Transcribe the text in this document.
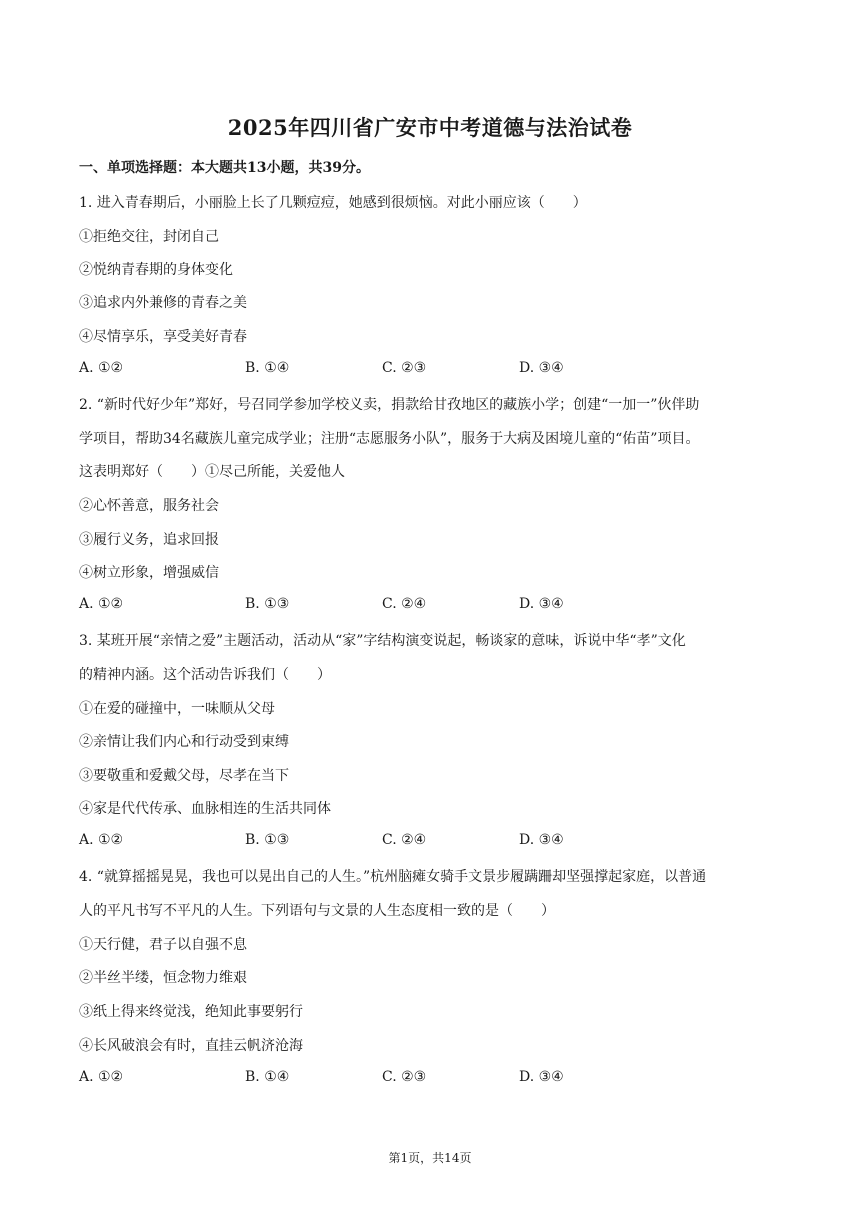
2025年四川省广安市中考道德与法治试卷
一、单项选择题：本大题共13小题，共39分。
1. 进入青春期后，小丽脸上长了几颗痘痘，她感到很烦恼。对此小丽应该（　　）
①拒绝交往，封闭自己
②悦纳青春期的身体变化
③追求内外兼修的青春之美
④尽情享乐，享受美好青春
A. ①②	B. ①④	C. ②③	D. ③④
2. “新时代好少年”郑好，号召同学参加学校义卖，捐款给甘孜地区的藏族小学；创建“一加一”伙伴助
学项目，帮助34名藏族儿童完成学业；注册“志愿服务小队”，服务于大病及困境儿童的“佑苗”项目。
这表明郑好（　　）①尽己所能，关爱他人
②心怀善意，服务社会
③履行义务，追求回报
④树立形象，增强威信
A. ①②	B. ①③	C. ②④	D. ③④
3. 某班开展“亲情之爱”主题活动，活动从“家”字结构演变说起，畅谈家的意味，诉说中华“孝”文化
的精神内涵。这个活动告诉我们（　　）
①在爱的碰撞中，一味顺从父母
②亲情让我们内心和行动受到束缚
③要敬重和爱戴父母，尽孝在当下
④家是代代传承、血脉相连的生活共同体
A. ①②	B. ①③	C. ②④	D. ③④
4. “就算摇摇晃晃，我也可以晃出自己的人生。”杭州脑瘫女骑手文景步履蹒跚却坚强撑起家庭，以普通
人的平凡书写不平凡的人生。下列语句与文景的人生态度相一致的是（　　）
①天行健，君子以自强不息
②半丝半缕，恒念物力维艰
③纸上得来终觉浅，绝知此事要躬行
④长风破浪会有时，直挂云帆济沧海
A. ①②	B. ①④	C. ②③	D. ③④
第1页，共14页
